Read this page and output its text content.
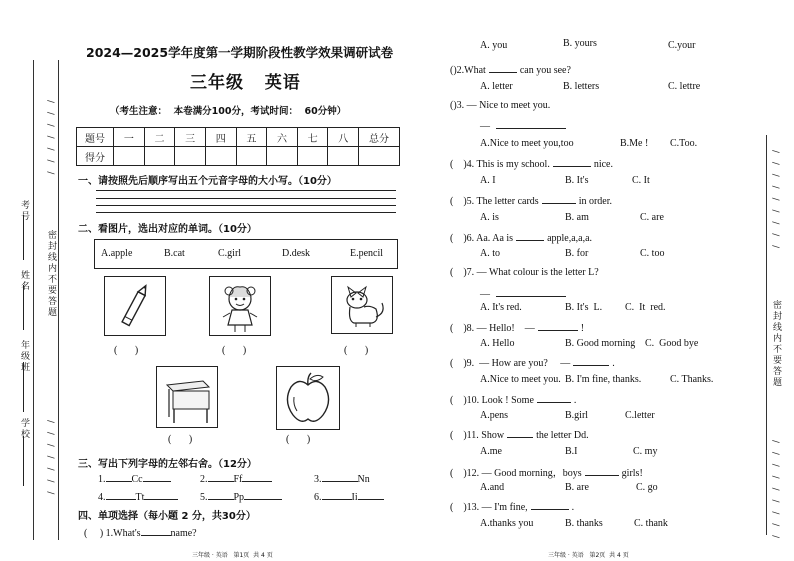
/ / / / / / /
密封线内不要答题
/ / / / / / /
考号
姓名
年级班
学校
2024—2025学年度第一学期阶段性教学效果调研试卷
三年级   英语
（考生注意：  本卷满分100分，考试时间：  60分钟）
题号	一	二	三	四	五	六	七	八	总分
得分									
一、请按照先后顺序写出五个元音字母的大小写。（10分）
二、看图片，选出对应的单词。（10分）
A.apple	B.cat	C.girl	D.desk	E.pencil
(       )	(       )	(       )
(       )	(       )
三、写出下列字母的左邻右舍。（12分）
1.	Cc	2.	Ff	3.	Nn
4.	Tt	5.	Pp	6.	Ii
四、单项选择（每小题 2 分，共30分）
(     ) 1.What's	name?
三年级 · 英语   第1页  共 4 页
A. you	B. yours	C.your
()2.What	can you see?
A. letter	B. letters	C. lettre
()3. — Nice to meet you.
—
A.Nice to meet you,too	B.Me ! C.Too.
(    )4. This is my school.	nice.
A. I	B. It's	C. It
(    )5. The letter cards	in order.
A. is	B. am	C. are
(    )6. Aa. Aa is	apple,a,a,a.
A. to	B. for	C. too
(    )7. — What colour is the letter L?
—
A. It's red.	B. It's  L. C.  It  red.
(    )8. — Hello!    —	!
A. Hello	B. Good morning C.  Good bye
(    )9.  — How are you?     —	.
A.Nice to meet you. B. I'm fine, thanks.	C. Thanks.
(    )10. Look ! Some	.
A.pens	B.girl	C.letter
(    )11. Show	the letter Dd.
A.me	B.I	C. my
(    )12. — Good morning，boys	girls!
A.and	B. are	C. go
(    )13. — I'm fine,	.
A.thanks you	B. thanks	C. thank
三年级 · 英语   第2页  共 4 页
/ / / / / / / / /
密封线内不要答题
/ / / / / / / / /
